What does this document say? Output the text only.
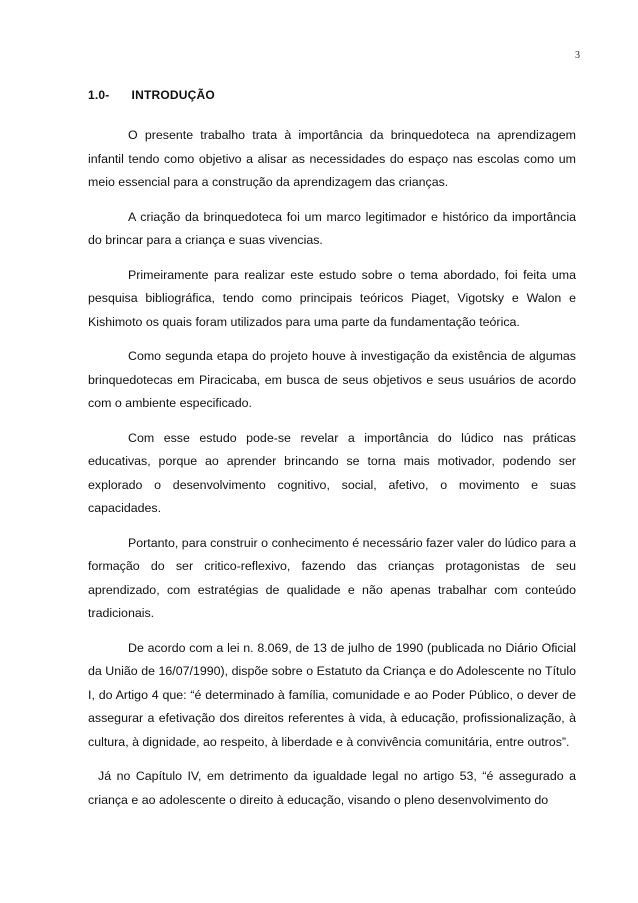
3
1.0- INTRODUÇÃO

O presente trabalho trata à importância da brinquedoteca na aprendizagem infantil tendo como objetivo a alisar as necessidades do espaço nas escolas como um meio essencial para a construção da aprendizagem das crianças.

A criação da brinquedoteca foi um marco legitimador e histórico da importância do brincar para a criança e suas vivencias.

Primeiramente para realizar este estudo sobre o tema abordado, foi feita uma pesquisa bibliográfica, tendo como principais teóricos Piaget, Vigotsky e Walon e Kishimoto os quais foram utilizados para uma parte da fundamentação teórica.

Como segunda etapa do projeto houve à investigação da existência de algumas brinquedotecas em Piracicaba, em busca de seus objetivos e seus usuários de acordo com o ambiente especificado.

Com esse estudo pode-se revelar a importância do lúdico nas práticas educativas, porque ao aprender brincando se torna mais motivador, podendo ser explorado o desenvolvimento cognitivo, social, afetivo, o movimento e suas capacidades.

Portanto, para construir o conhecimento é necessário fazer valer do lúdico para a formação do ser critico-reflexivo, fazendo das crianças protagonistas de seu aprendizado, com estratégias de qualidade e não apenas trabalhar com conteúdo tradicionais.

De acordo com a lei n. 8.069, de 13 de julho de 1990 (publicada no Diário Oficial da União de 16/07/1990), dispõe sobre o Estatuto da Criança e do Adolescente no Título I, do Artigo 4 que: “é determinado à família, comunidade e ao Poder Público, o dever de assegurar a efetivação dos direitos referentes à vida, à educação, profissionalização, à cultura, à dignidade, ao respeito, à liberdade e à convivência comunitária, entre outros”.

Já no Capítulo IV, em detrimento da igualdade legal no artigo 53, “é assegurado a criança e ao adolescente o direito à educação, visando o pleno desenvolvimento do
